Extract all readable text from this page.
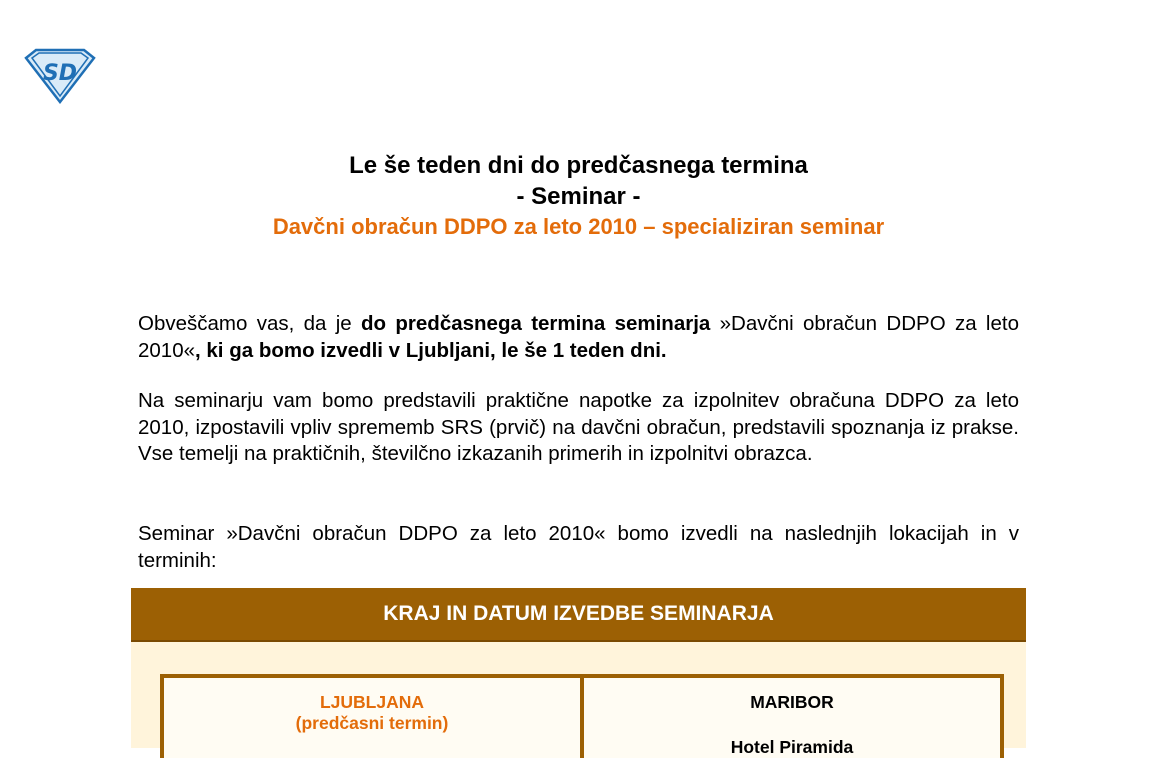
SD
Le še teden dni do predčasnega termina
- Seminar -
Davčni obračun DDPO za leto 2010 – specializiran seminar

Obveščamo vas, da je do predčasnega termina seminarja »Davčni obračun DDPO za leto 2010«, ki ga bomo izvedli v Ljubljani, le še 1 teden dni.

Na seminarju vam bomo predstavili praktične napotke za izpolnitev obračuna DDPO za leto 2010, izpostavili vpliv sprememb SRS (prvič) na davčni obračun, predstavili spoznanja iz prakse. Vse temelji na praktičnih, številčno izkazanih primerih in izpolnitvi obrazca.

Seminar »Davčni obračun DDPO za leto 2010« bomo izvedli na naslednjih lokacijah in v terminih:

KRAJ IN DATUM IZVEDBE SEMINARJA
LJUBLJANA
(predčasni termin)
MARIBOR
Hotel Piramida
